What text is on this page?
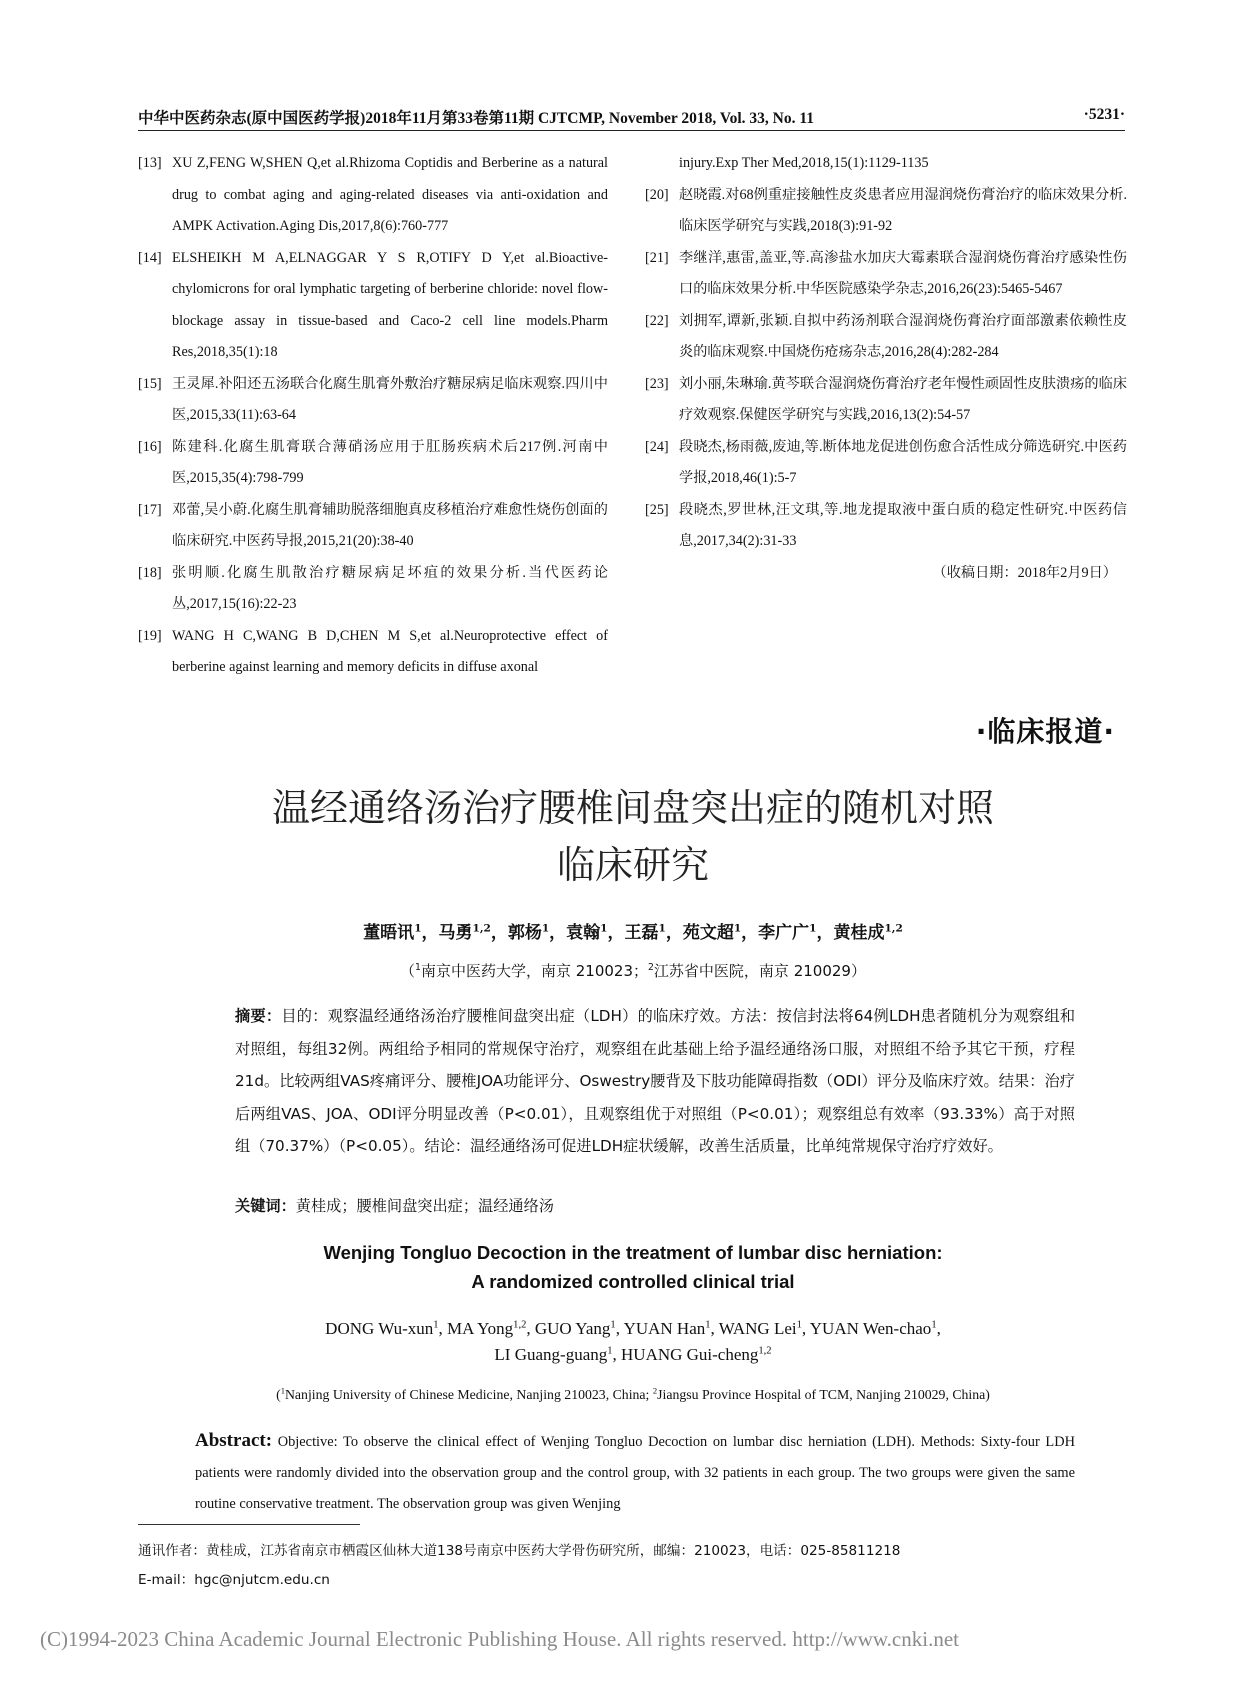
中华中医药杂志(原中国医药学报)2018年11月第33卷第11期 CJTCMP, November 2018, Vol. 33, No. 11	·5231·
[13] XU Z,FENG W,SHEN Q,et al.Rhizoma Coptidis and Berberine as a natural drug to combat aging and aging-related diseases via anti-oxidation and AMPK Activation.Aging Dis,2017,8(6):760-777
[14] ELSHEIKH M A,ELNAGGAR Y S R,OTIFY D Y,et al.Bioactive-chylomicrons for oral lymphatic targeting of berberine chloride: novel flow-blockage assay in tissue-based and Caco-2 cell line models.Pharm Res,2018,35(1):18
[15] 王灵犀.补阳还五汤联合化腐生肌膏外敷治疗糖尿病足临床观察.四川中医,2015,33(11):63-64
[16] 陈建科.化腐生肌膏联合薄硝汤应用于肛肠疾病术后217例.河南中医,2015,35(4):798-799
[17] 邓蕾,吴小蔚.化腐生肌膏辅助脱落细胞真皮移植治疗难愈性烧伤创面的临床研究.中医药导报,2015,21(20):38-40
[18] 张明顺.化腐生肌散治疗糖尿病足坏疽的效果分析.当代医药论丛,2017,15(16):22-23
[19] WANG H C,WANG B D,CHEN M S,et al.Neuroprotective effect of berberine against learning and memory deficits in diffuse axonal
injury.Exp Ther Med,2018,15(1):1129-1135
[20] 赵晓霞.对68例重症接触性皮炎患者应用湿润烧伤膏治疗的临床效果分析.临床医学研究与实践,2018(3):91-92
[21] 李继洋,惠雷,盖亚,等.高渗盐水加庆大霉素联合湿润烧伤膏治疗感染性伤口的临床效果分析.中华医院感染学杂志,2016,26(23):5465-5467
[22] 刘拥军,谭新,张颖.自拟中药汤剂联合湿润烧伤膏治疗面部激素依赖性皮炎的临床观察.中国烧伤疮疡杂志,2016,28(4):282-284
[23] 刘小丽,朱琳瑜.黄芩联合湿润烧伤膏治疗老年慢性顽固性皮肤溃疡的临床疗效观察.保健医学研究与实践,2016,13(2):54-57
[24] 段晓杰,杨雨薇,废迪,等.断体地龙促进创伤愈合活性成分筛选研究.中医药学报,2018,46(1):5-7
[25] 段晓杰,罗世林,汪文琪,等.地龙提取液中蛋白质的稳定性研究.中医药信息,2017,34(2):31-33
（收稿日期：2018年2月9日）
·临床报道·
温经通络汤治疗腰椎间盘突出症的随机对照
临床研究
董晤讯$^1$，马勇$^{1,2}$，郭杨$^1$，袁翰$^1$，王磊$^1$，苑文超$^1$，李广广$^1$，黄桂成$^{1,2}$
（$^1$南京中医药大学，南京 210023；$^2$江苏省中医院，南京 210029）
摘要：目的：观察温经通络汤治疗腰椎间盘突出症（LDH）的临床疗效。方法：按信封法将64例LDH患者随机分为观察组和对照组，每组32例。两组给予相同的常规保守治疗，观察组在此基础上给予温经通络汤口服，对照组不给予其它干预，疗程21d。比较两组VAS疼痛评分、腰椎JOA功能评分、Oswestry腰背及下肢功能障碍指数（ODI）评分及临床疗效。结果：治疗后两组VAS、JOA、ODI评分明显改善（P<0.01），且观察组优于对照组（P<0.01）；观察组总有效率（93.33%）高于对照组（70.37%）（P<0.05）。结论：温经通络汤可促进LDH症状缓解，改善生活质量，比单纯常规保守治疗疗效好。
关键词：黄桂成；腰椎间盘突出症；温经通络汤
Wenjing Tongluo Decoction in the treatment of lumbar disc herniation:
A randomized controlled clinical trial
DONG Wu-xun$^1$, MA Yong$^{1,2}$, GUO Yang$^1$, YUAN Han$^1$, WANG Lei$^1$, YUAN Wen-chao$^1$,
LI Guang-guang$^1$, HUANG Gui-cheng$^{1,2}$
($^1$Nanjing University of Chinese Medicine, Nanjing 210023, China; $^2$Jiangsu Province Hospital of TCM, Nanjing 210029, China)
Abstract: Objective: To observe the clinical effect of Wenjing Tongluo Decoction on lumbar disc herniation (LDH). Methods: Sixty-four LDH patients were randomly divided into the observation group and the control group, with 32 patients in each group. The two groups were given the same routine conservative treatment. The observation group was given Wenjing
通讯作者：黄桂成，江苏省南京市栖霞区仙林大道138号南京中医药大学骨伤研究所，邮编：210023，电话：025-85811218
E-mail：hgc@njutcm.edu.cn
(C)1994-2023 China Academic Journal Electronic Publishing House. All rights reserved. http://www.cnki.net
